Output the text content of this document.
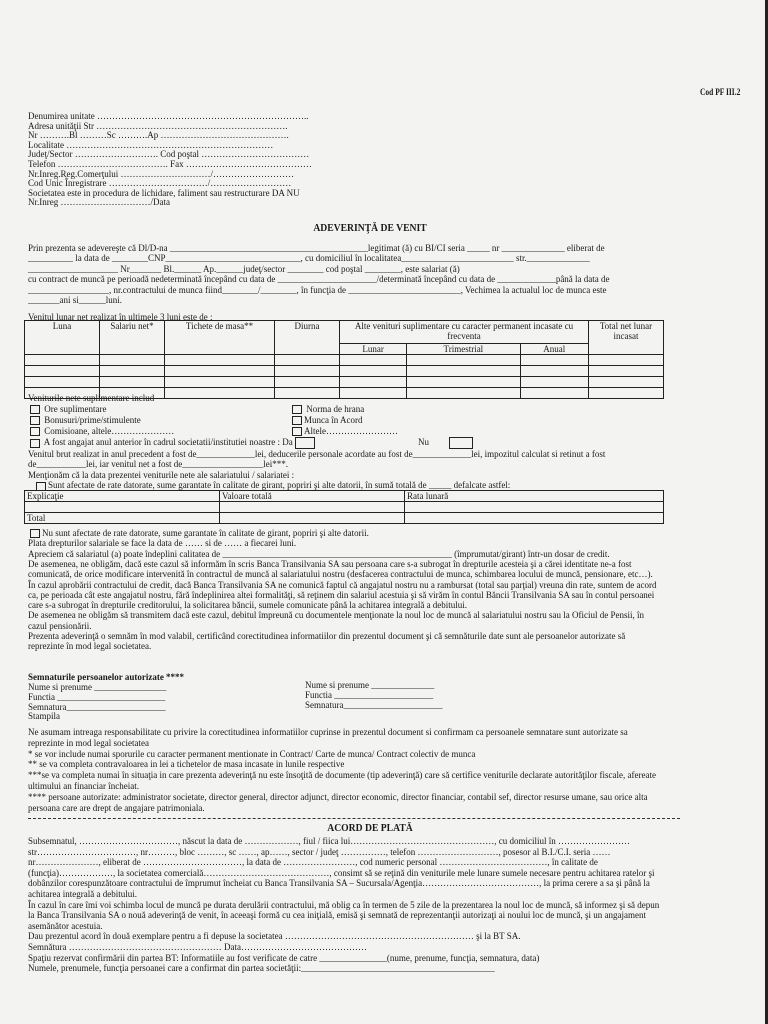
Cod PF III.2
Denumirea unitate ……………………………………………………………..
Adresa unităţii Str ……………………………………………………….
Nr ……….Bl ………Sc ……….Ap …………………………………….
Localitate ……………………………………………………………
Judeţ/Sector ………………………. Cod poştal ………………………………
Telefon ………………………………. Fax ……………………………………
Nr.Inreg.Reg.Comerţului …………………………/………………………
Cod Unic Înregistrare ……………………………/………………………
Societatea este in procedura de lichidare, faliment sau restructurare DA NU
Nr.Inreg …………………………/Data
ADEVERINŢĂ DE VENIT
Prin prezenta se adevereşte că Dl/D-na ____________________________________________legitimat (ă) cu BI/CI seria _____ nr ______________ eliberat de
__________ la data de ________CNP______________________________, cu domiciliul în localitatea_________________________ str.______________
____________________ Nr_______ Bl.______ Ap.______judeţ/sector ________ cod poştal ________, este salariat (ă)
cu contract de muncă pe perioadă nedeterminată începând cu data de ______________________/determinată începând cu data de _____________până la data de
__________________, nr.contractului de munca fiind________/________, în funcţia de _________________________, Vechimea la actualul loc de munca este
_______ani si______luni.
Venitul lunar net realizat în ultimele 3 luni este de :
Luna	Salariu net*	Tichete de masa**	Diurna	Alte venituri suplimentare cu caracter permanent incasate cu frecventa			Total net lunar incasat
				Lunar	Trimestrial	Anual	

Veniturile nete suplimentare includ
Ore suplimentare
Bonusuri/prime/stimulente
Comisioane, altele…………………
Norma de hrana
Munca în Acord
Altele……………………
A fost angajat anul anterior în cadrul societatii/institutiei noastre : Da	Nu
Venitul brut realizat in anul precedent a fost de_____________lei, deducerile personale acordate au fost de_____________lei, impozitul calculat si retinut a fost
de___________lei, iar venitul net a fost de__________________lei***.
Menţionăm că la data prezentei veniturile nete ale salariatului / salariatei :
Sunt afectate de rate datorate, sume garantate în calitate de girant, popriri şi alte datorii, în sumă totală de _____ defalcate astfel:
Explicaţie	Valoare totală	Rata lunară

Total		
Nu sunt afectate de rate datorate, sume garantate în calitate de girant, popriri şi alte datorii.
Plata drepturilor salariale se face la data de …… si de …… a fiecarei luni.
Apreciem că salariatul (a) poate îndeplini calitatea de ___________________________________________________ (împrumutat/girant) într-un dosar de credit.
De asemenea, ne obligăm, dacă este cazul să informăm în scris Banca Transilvania SA sau persoana care s-a subrogat în drepturile acesteia şi a cărei identitate ne-a fost
comunicată, de orice modificare intervenită în contractul de muncă al salariatului nostru (desfacerea contractului de munca, schimbarea locului de muncă, pensionare, etc…).
În cazul aprobării contractului de credit, dacă Banca Transilvania SA ne comunică faptul că angajatul nostru nu a rambursat (total sau parţial) vreuna din rate, suntem de acord
ca, pe perioada cât este angajatul nostru, fără îndeplinirea altei formalităţi, să reţinem din salariul acestuia şi să virăm în contul Băncii Transilvania SA sau în contul persoanei
care s-a subrogat în drepturile creditorului, la solicitarea băncii, sumele comunicate până la achitarea integrală a debitului.
De asemenea ne obligăm să transmitem dacă este cazul, debitul împreună cu documentele menţionate la noul loc de muncă al salariatului nostru sau la Oficiul de Pensii, în
cazul pensionării.
Prezenta adeverinţă o semnăm în mod valabil, certificând corectitudinea informatiilor din prezentul document şi că semnăturile date sunt ale persoanelor autorizate să
reprezinte în mod legal societatea.
Semnaturile persoanelor autorizate ****
Nume si prenume ________________
Functia ________________________
Semnatura______________________
Stampila
Nume si prenume ______________
Functia ______________________
Semnatura______________________
Ne asumam intreaga responsabilitate cu privire la corectitudinea informatiilor cuprinse in prezentul document si confirmam ca persoanele semnatare sunt autorizate sa
reprezinte in mod legal societatea
* se vor include numai sporurile cu caracter permanent mentionate in Contract/ Carte de munca/ Contract colectiv de munca
** se va completa contravaloarea in lei a tichetelor de masa incasate in lunile respective
***se va completa numai în situaţia in care prezenta adeverinţă nu este însoţită de documente (tip adeverinţă) care să certifice veniturile declarate autorităţilor fiscale, afereate
ultimului an financiar încheiat.
**** persoane autorizate: administrator societate, director general, director adjunct, director economic, director financiar, contabil sef, director resurse umane, sau orice alta
persoana care are drept de angajare patrimoniala.
ACORD DE PLATĂ
Subsemnatul, ……………………………, născut la data de ………………, fiul / fiica lui…………………………………………, cu domiciliul în ……………………
str……………………………, nr………, bloc ………, sc ……, ap……, sector / judeţ ……………, telefon ………………………, posesor al B.I./C.I. seria ……
nr…………………, eliberat de ……………………………, la data de ……………………, cod numeric personal ………………………………, în calitate de
(funcţia)………………, la societatea comercială……………………………………, consimt să se reţină din veniturile mele lunare sumele necesare pentru achitarea ratelor şi
dobânzilor corespunzătoare contractului de împrumut încheiat cu Banca Transilvania SA – Sucursala/Agenţia…………………………………, la prima cerere a sa şi până la
achitarea integrală a debitului.
În cazul în care îmi voi schimba locul de muncă pe durata derulării contractului, mă oblig ca în termen de 5 zile de la prezentarea la noul loc de muncă, să informez şi să depun
la Banca Transilvania SA o nouă adeverinţă de venit, în aceeaşi formă cu cea iniţială, emisă şi semnată de reprezentanţii autorizaţi ai noului loc de muncă, şi un angajament
asemănător acestuia.
Dau prezentul acord în două exemplare pentru a fi depuse la societatea ……………………………………………………… şi la BT SA.
Semnătura …………………………………………… Data……………………………………
Spaţiu rezervat confirmării din partea BT: Informatiile au fost verificate de catre _______________(nume, prenume, funcţia, semnatura, data)
Numele, prenumele, funcţia persoanei care a confirmat din partea societăţii:___________________________________________
